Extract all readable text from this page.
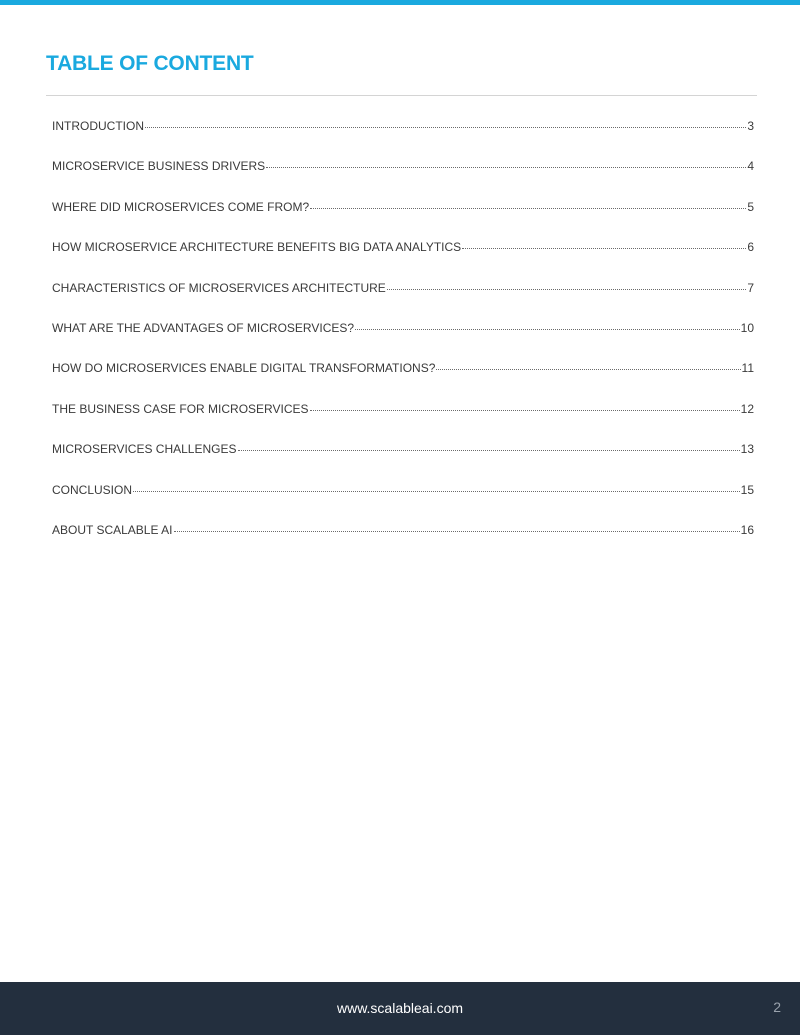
TABLE OF CONTENT
INTRODUCTION	3
MICROSERVICE BUSINESS DRIVERS	4
WHERE DID MICROSERVICES COME FROM?	5
HOW MICROSERVICE ARCHITECTURE BENEFITS BIG DATA ANALYTICS	6
CHARACTERISTICS OF MICROSERVICES ARCHITECTURE	7
WHAT ARE THE ADVANTAGES OF MICROSERVICES?	10
HOW DO MICROSERVICES ENABLE DIGITAL TRANSFORMATIONS?	11
THE BUSINESS CASE FOR MICROSERVICES	12
MICROSERVICES CHALLENGES	13
CONCLUSION	15
ABOUT SCALABLE AI	16
www.scalableai.com	2
